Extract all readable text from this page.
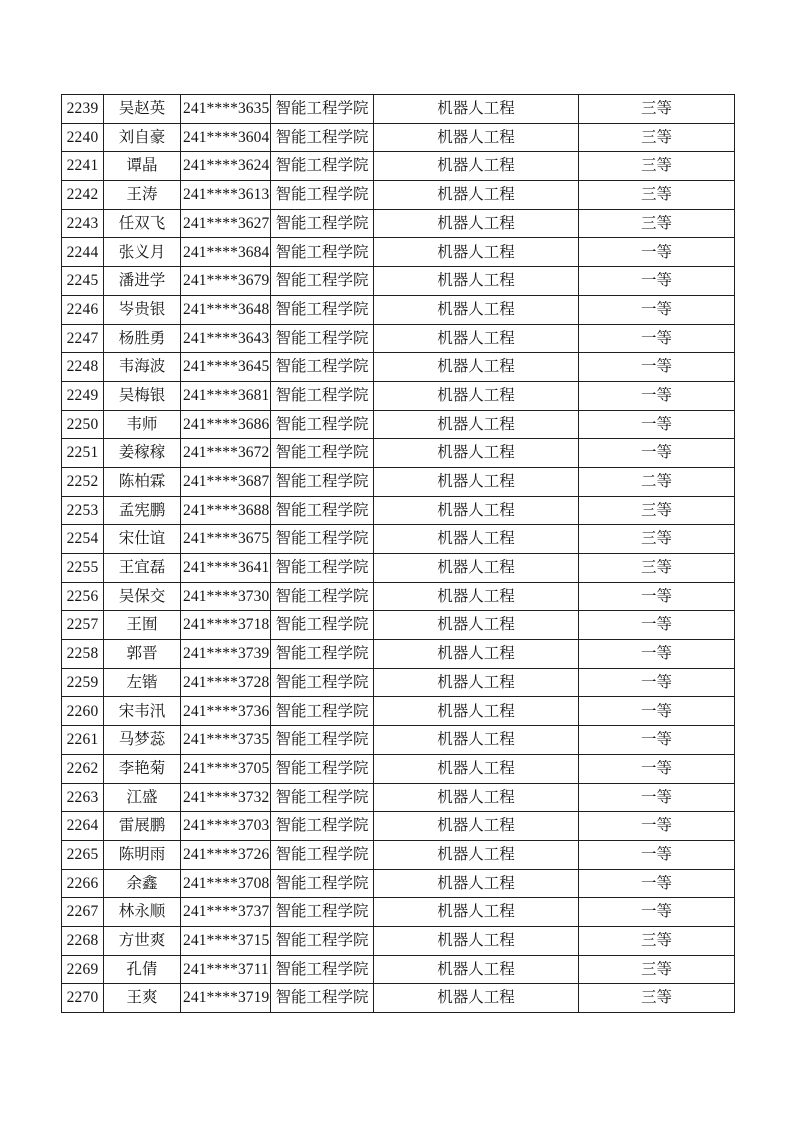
2239	吴赵英	241****3635	智能工程学院	机器人工程	三等
2240	刘自豪	241****3604	智能工程学院	机器人工程	三等
2241	谭晶	241****3624	智能工程学院	机器人工程	三等
2242	王涛	241****3613	智能工程学院	机器人工程	三等
2243	任双飞	241****3627	智能工程学院	机器人工程	三等
2244	张义月	241****3684	智能工程学院	机器人工程	一等
2245	潘进学	241****3679	智能工程学院	机器人工程	一等
2246	岑贵银	241****3648	智能工程学院	机器人工程	一等
2247	杨胜勇	241****3643	智能工程学院	机器人工程	一等
2248	韦海波	241****3645	智能工程学院	机器人工程	一等
2249	吴梅银	241****3681	智能工程学院	机器人工程	一等
2250	韦师	241****3686	智能工程学院	机器人工程	一等
2251	姜稼稼	241****3672	智能工程学院	机器人工程	一等
2252	陈柏霖	241****3687	智能工程学院	机器人工程	二等
2253	孟宪鹏	241****3688	智能工程学院	机器人工程	三等
2254	宋仕谊	241****3675	智能工程学院	机器人工程	三等
2255	王宜磊	241****3641	智能工程学院	机器人工程	三等
2256	吴保交	241****3730	智能工程学院	机器人工程	一等
2257	王囿	241****3718	智能工程学院	机器人工程	一等
2258	郭晋	241****3739	智能工程学院	机器人工程	一等
2259	左锴	241****3728	智能工程学院	机器人工程	一等
2260	宋韦汛	241****3736	智能工程学院	机器人工程	一等
2261	马梦蕊	241****3735	智能工程学院	机器人工程	一等
2262	李艳菊	241****3705	智能工程学院	机器人工程	一等
2263	江盛	241****3732	智能工程学院	机器人工程	一等
2264	雷展鹏	241****3703	智能工程学院	机器人工程	一等
2265	陈明雨	241****3726	智能工程学院	机器人工程	一等
2266	余鑫	241****3708	智能工程学院	机器人工程	一等
2267	林永顺	241****3737	智能工程学院	机器人工程	一等
2268	方世爽	241****3715	智能工程学院	机器人工程	三等
2269	孔倩	241****3711	智能工程学院	机器人工程	三等
2270	王爽	241****3719	智能工程学院	机器人工程	三等
